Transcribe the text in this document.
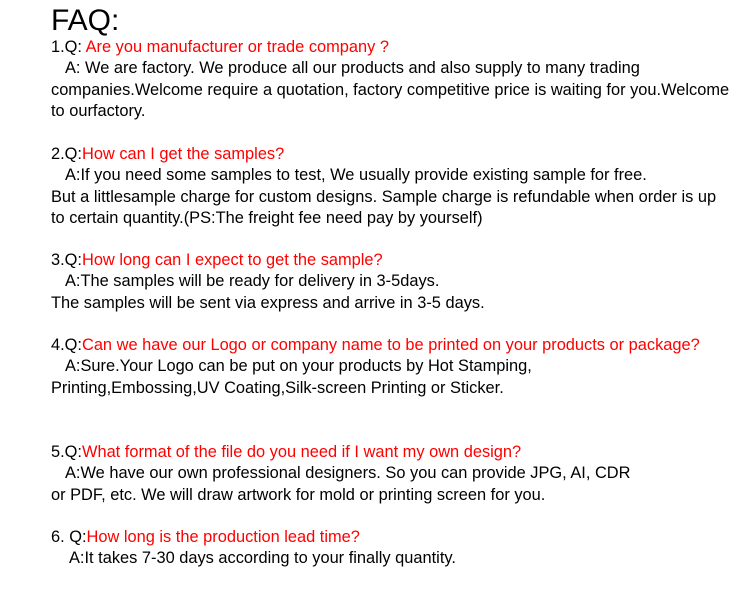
FAQ:
1.Q: Are you manufacturer or trade company ?
A: We are factory. We produce all our products and also supply to many trading
companies.Welcome require a quotation, factory competitive price is waiting for you.Welcome to ourfactory.
2.Q:How can I get the samples?
A:If you need some samples to test, We usually provide existing sample for free.
But a littlesample charge for custom designs. Sample charge is refundable when order is up to certain quantity.(PS:The freight fee need pay by yourself)
3.Q:How long can I expect to get the sample?
A:The samples will be ready for delivery in 3-5days.
The samples will be sent via express and arrive in 3-5 days.
4.Q:Can we have our Logo or company name to be printed on your products or package?
A:Sure.Your Logo can be put on your products by Hot Stamping,
Printing,Embossing,UV Coating,Silk-screen Printing or Sticker.
5.Q:What format of the file do you need if I want my own design?
A:We have our own professional designers. So you can provide JPG, AI, CDR
or PDF, etc. We will draw artwork for mold or printing screen for you.
6. Q:How long is the production lead time?
A:It takes 7-30 days according to your finally quantity.
